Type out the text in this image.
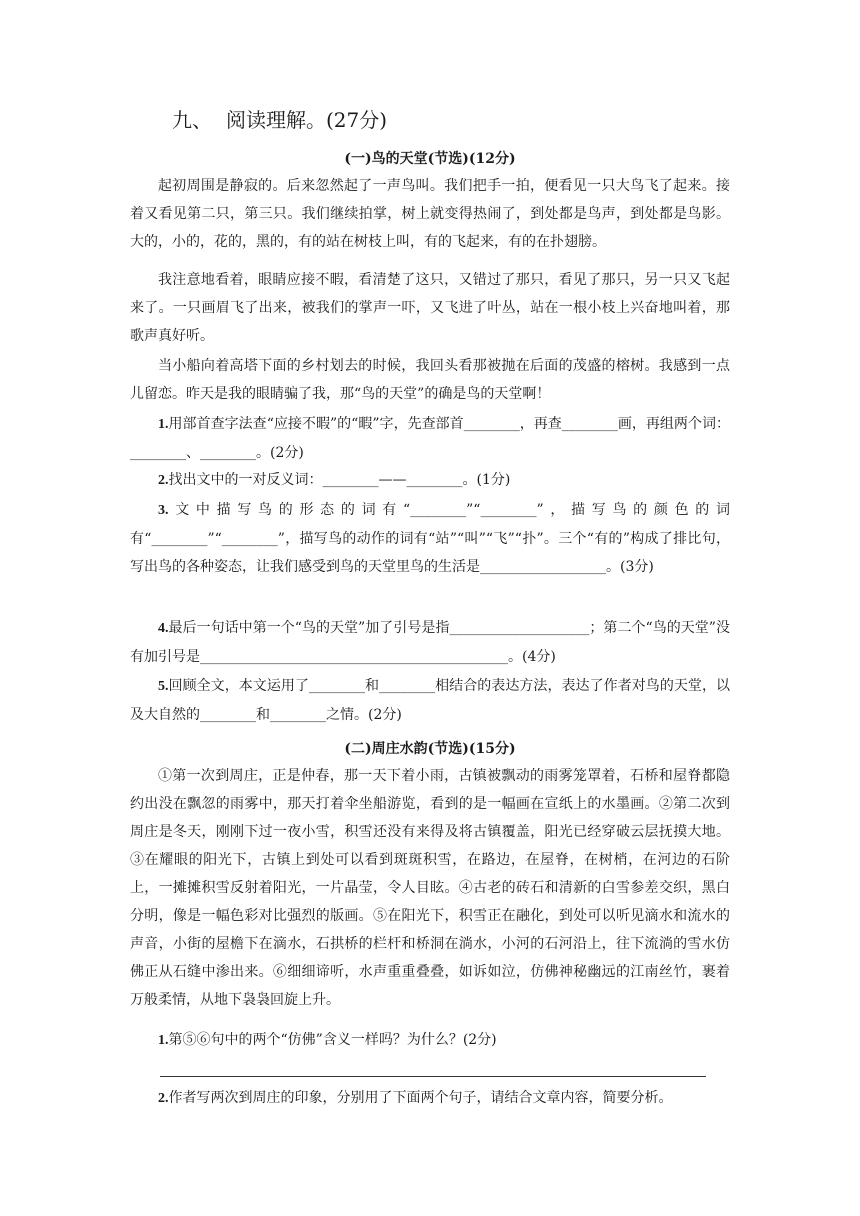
九、 阅读理解。(27分)
(一)鸟的天堂(节选)(12分)

起初周围是静寂的。后来忽然起了一声鸟叫。我们把手一拍，便看见一只大鸟飞了起来。接着又看见第二只，第三只。我们继续拍掌，树上就变得热闹了，到处都是鸟声，到处都是鸟影。大的，小的，花的，黑的，有的站在树枝上叫，有的飞起来，有的在扑翅膀。

我注意地看着，眼睛应接不暇，看清楚了这只，又错过了那只，看见了那只，另一只又飞起来了。一只画眉飞了出来，被我们的掌声一吓，又飞进了叶丛，站在一根小枝上兴奋地叫着，那歌声真好听。

当小船向着高塔下面的乡村划去的时候，我回头看那被抛在后面的茂盛的榕树。我感到一点儿留恋。昨天是我的眼睛骗了我，那“鸟的天堂”的确是鸟的天堂啊！

1.用部首查字法查“应接不暇”的“暇”字，先查部首________，再查________画，再组两个词：________、________。(2分)

2.找出文中的一对反义词：________——________。(1分)

3.文中描写鸟的形态的词有“________”“________”，描写鸟的颜色的词有“________”“________”，描写鸟的动作的词有“站”“叫”“飞”“扑”。三个“有的”构成了排比句，写出鸟的各种姿态，让我们感受到鸟的天堂里鸟的生活是__________________。(3分)

4.最后一句话中第一个“鸟的天堂”加了引号是指____________________；第二个“鸟的天堂”没有加引号是____________________________________________。(4分)

5.回顾全文，本文运用了________和________相结合的表达方法，表达了作者对鸟的天堂，以及大自然的________和________之情。(2分)

(二)周庄水韵(节选)(15分)

①第一次到周庄，正是仲春，那一天下着小雨，古镇被飘动的雨雾笼罩着，石桥和屋脊都隐约出没在飘忽的雨雾中，那天打着伞坐船游览，看到的是一幅画在宣纸上的水墨画。②第二次到周庄是冬天，刚刚下过一夜小雪，积雪还没有来得及将古镇覆盖，阳光已经穿破云层抚摸大地。③在耀眼的阳光下，古镇上到处可以看到斑斑积雪，在路边，在屋脊，在树梢，在河边的石阶上，一摊摊积雪反射着阳光，一片晶莹，令人目眩。④古老的砖石和清新的白雪参差交织，黑白分明，像是一幅色彩对比强烈的版画。⑤在阳光下，积雪正在融化，到处可以听见滴水和流水的声音，小街的屋檐下在滴水，石拱桥的栏杆和桥洞在淌水，小河的石河沿上，往下流淌的雪水仿佛正从石缝中渗出来。⑥细细谛听，水声重重叠叠，如诉如泣，仿佛神秘幽远的江南丝竹，裹着万般柔情，从地下袅袅回旋上升。

1.第⑤⑥句中的两个“仿佛”含义一样吗？为什么？(2分)

2.作者写两次到周庄的印象，分别用了下面两个句子，请结合文章内容，简要分析。
